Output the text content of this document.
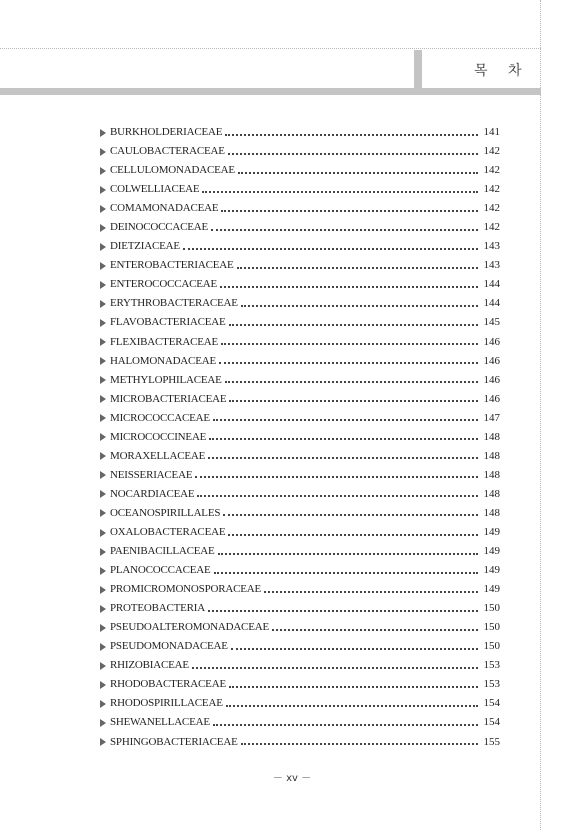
목 차
BURKHOLDERIACEAE	141
CAULOBACTERACEAE	142
CELLULOMONADACEAE	142
COLWELLIACEAE	142
COMAMONADACEAE	142
DEINOCOCCACEAE	142
DIETZIACEAE	143
ENTEROBACTERIACEAE	143
ENTEROCOCCACEAE	144
ERYTHROBACTERACEAE	144
FLAVOBACTERIACEAE	145
FLEXIBACTERACEAE	146
HALOMONADACEAE	146
METHYLOPHILACEAE	146
MICROBACTERIACEAE	146
MICROCOCCACEAE	147
MICROCOCCINEAE	148
MORAXELLACEAE	148
NEISSERIACEAE	148
NOCARDIACEAE	148
OCEANOSPIRILLALES	148
OXALOBACTERACEAE	149
PAENIBACILLACEAE	149
PLANOCOCCACEAE	149
PROMICROMONOSPORACEAE	149
PROTEOBACTERIA	150
PSEUDOALTEROMONADACEAE	150
PSEUDOMONADACEAE	150
RHIZOBIACEAE	153
RHODOBACTERACEAE	153
RHODOSPIRILLACEAE	154
SHEWANELLACEAE	154
SPHINGOBACTERIACEAE	155
－ xv －
